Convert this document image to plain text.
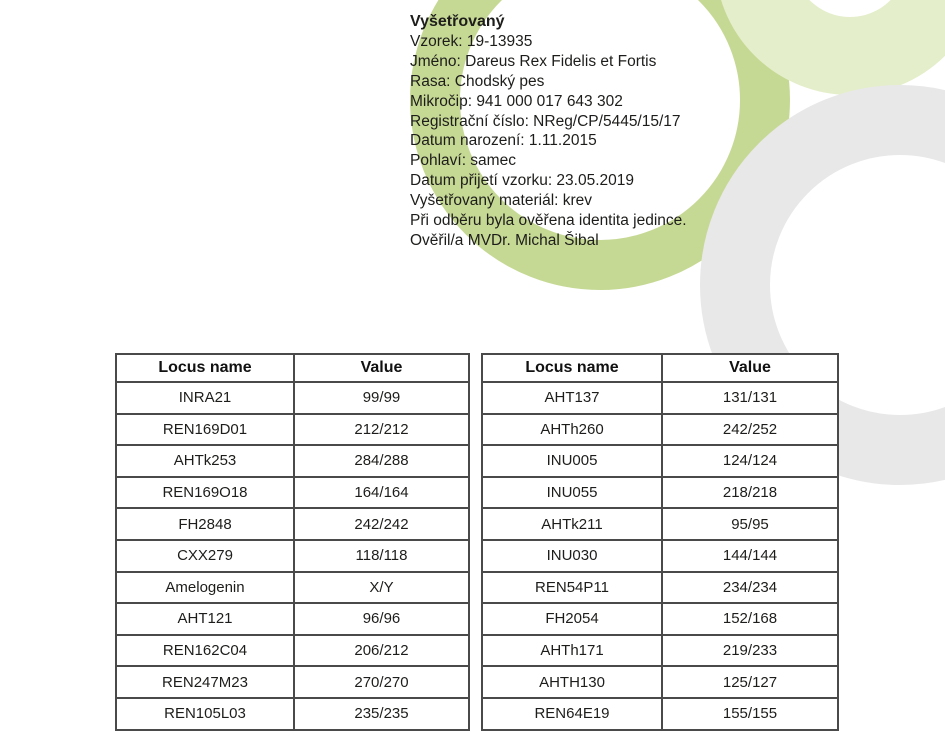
Vyšetřovaný
Vzorek: 19-13935
Jméno: Dareus Rex Fidelis et Fortis
Rasa: Chodský pes
Mikročip: 941 000 017 643 302
Registrační číslo: NReg/CP/5445/15/17
Datum narození: 1.11.2015
Pohlaví: samec
Datum přijetí vzorku: 23.05.2019
Vyšetřovaný materiál: krev
Při odběru byla ověřena identita jedince.
Ověřil/a MVDr. Michal Šibal
Locus name	Value
INRA21	99/99
REN169D01	212/212
AHTk253	284/288
REN169O18	164/164
FH2848	242/242
CXX279	118/118
Amelogenin	X/Y
AHT121	96/96
REN162C04	206/212
REN247M23	270/270
REN105L03	235/235
Locus name	Value
AHT137	131/131
AHTh260	242/252
INU005	124/124
INU055	218/218
AHTk211	95/95
INU030	144/144
REN54P11	234/234
FH2054	152/168
AHTh171	219/233
AHTH130	125/127
REN64E19	155/155
